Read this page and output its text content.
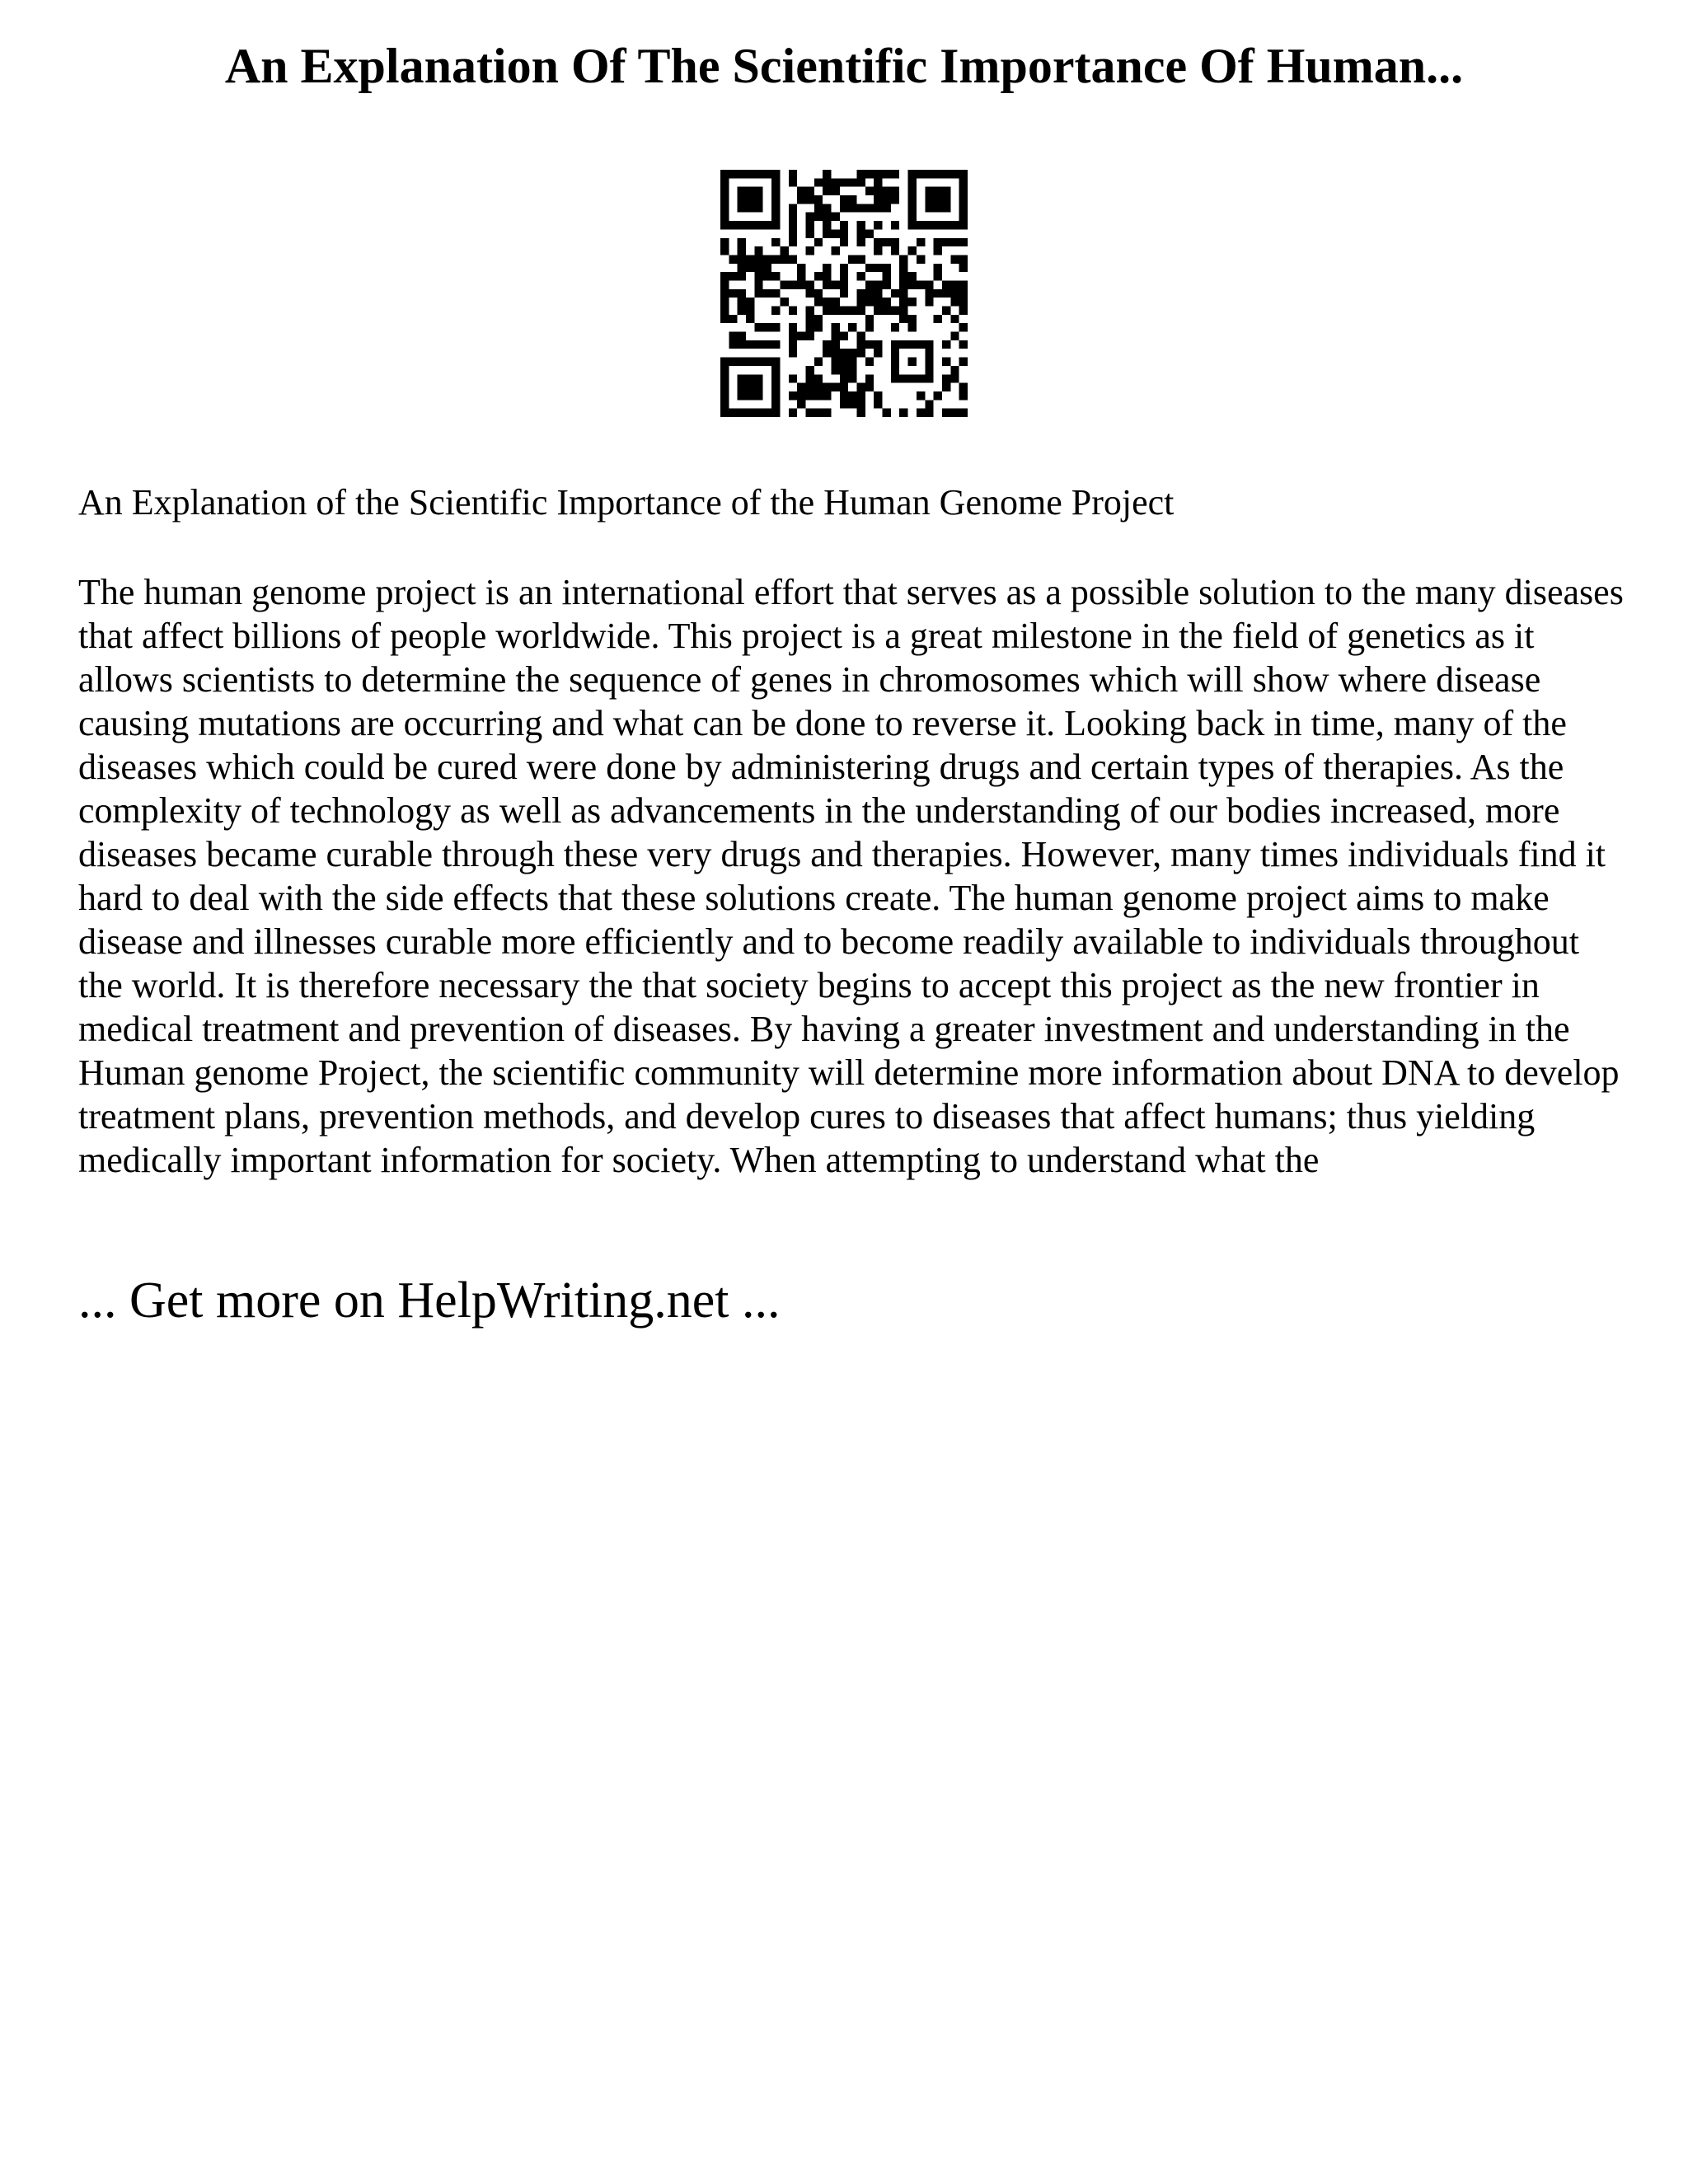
An Explanation Of The Scientific Importance Of Human...

An Explanation of the Scientific Importance of the Human Genome Project

The human genome project is an international effort that serves as a possible solution to the many diseases that affect billions of people worldwide. This project is a great milestone in the field of genetics as it allows scientists to determine the sequence of genes in chromosomes which will show where disease causing mutations are occurring and what can be done to reverse it. Looking back in time, many of the diseases which could be cured were done by administering drugs and certain types of therapies. As the complexity of technology as well as advancements in the understanding of our bodies increased, more diseases became curable through these very drugs and therapies. However, many times individuals find it hard to deal with the side effects that these solutions create. The human genome project aims to make disease and illnesses curable more efficiently and to become readily available to individuals throughout the world. It is therefore necessary the that society begins to accept this project as the new frontier in medical treatment and prevention of diseases. By having a greater investment and understanding in the Human genome Project, the scientific community will determine more information about DNA to develop treatment plans, prevention methods, and develop cures to diseases that affect humans; thus yielding medically important information for society. When attempting to understand what the

... Get more on HelpWriting.net ...
